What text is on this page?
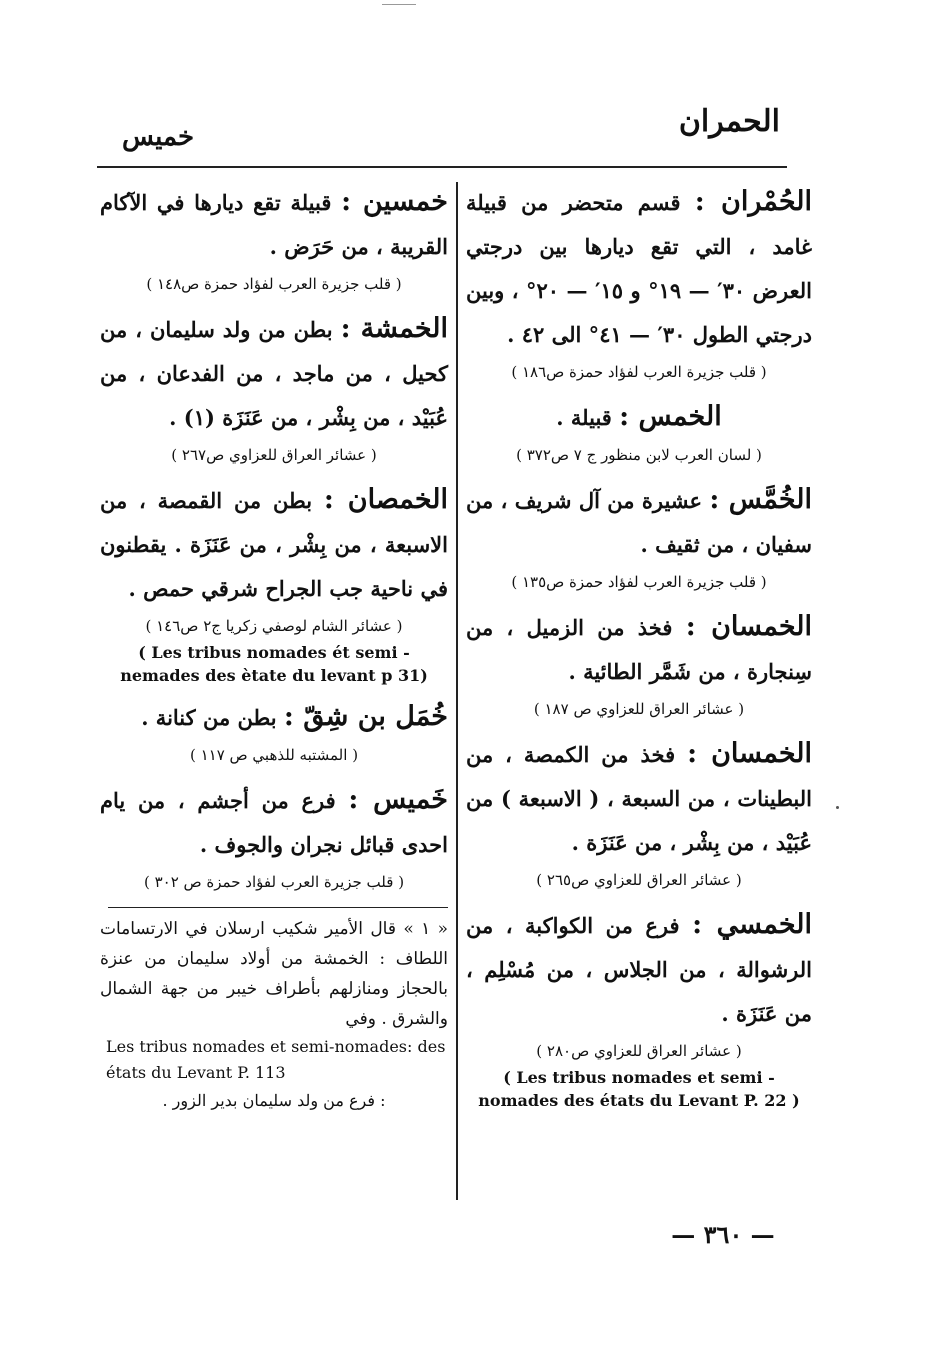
الحمران
خميس
الحُمْران : قسم متحضر من قبيلة غامد ، التي تقع ديارها بين درجتي العرض ٣٠′ — ١٩° و ١٥′ — ٢٠° ، وبين درجتي الطول ٣٠′ — ٤١° الى ٤٢ .
( قلب جزيرة العرب لفؤاد حمزة ص١٨٦ )
الخمس : قبيلة .
( لسان العرب لابن منظور ج ٧ ص٣٧٢ )
الخُمَّس : عشيرة من آل شريف ، من سفيان ، من ثقيف .
( قلب جزيرة العرب لفؤاد حمزة ص١٣٥ )
الخمسان : فخذ من الزميل ، من سِنجارة ، من شَمَّر الطائية .
( عشائر العراق للعزاوي ص ١٨٧ )
الخمسان : فخذ من الكمصة ، من البطينات ، من السبعة ، ( الاسبعة ) من عُبَيْد ، من بِشْر ، من عَنَزَة .
( عشائر العراق للعزاوي ص٢٦٥ )
الخمسي : فرع من الكواكبة ، من الرشوالة ، من الجلاس ، من مُسْلِم ، من عَنَزَة .
( عشائر العراق للعزاوي ص٢٨٠ )
( Les tribus nomades et semi - nomades des états du Levant P. 22 )
خمسين : قبيلة تقع ديارها في الآكام القريبة ، من حَرَض .
( قلب جزيرة العرب لفؤاد حمزة ص١٤٨ )
الخمشة : بطن من ولد سليمان ، من كحيل ، من ماجد ، من الفدعان ، من عُبَيْد ، من بِشْر ، من عَنَزَة (١) .
( عشائر العراق للعزاوي ص٢٦٧ )
الخمصان : بطن من القمصة ، من الاسبعة ، من بِشْر ، من عَنَزَة . يقطنون في ناحية جب الجراح شرقي حمص .
( عشائر الشام لوصفي زكريا ج٢ ص١٤٦ )
( Les tribus nomades ét semi - nemades des ètate du levant p 31)
خُمَل بن شِقّ : بطن من كنانة .
( المشتبه للذهبي ص ١١٧ )
خَميس : فرع من أجشم ، من يام احدى قبائل نجران والجوف .
( قلب جزيرة العرب لفؤاد حمزة ص ٣٠٢ )
« ١ » قال الأمير شكيب ارسلان في الارتسامات اللطاف : الخمشة من أولاد سليمان من عنزة بالحجاز ومنازلهم بأطراف خيبر من جهة الشمال والشرق . وفي
Les tribus nomades et semi-nomades: des états du Levant P. 113
: فرع من ولد سليمان بدير الزور .
— ٣٦٠ —
